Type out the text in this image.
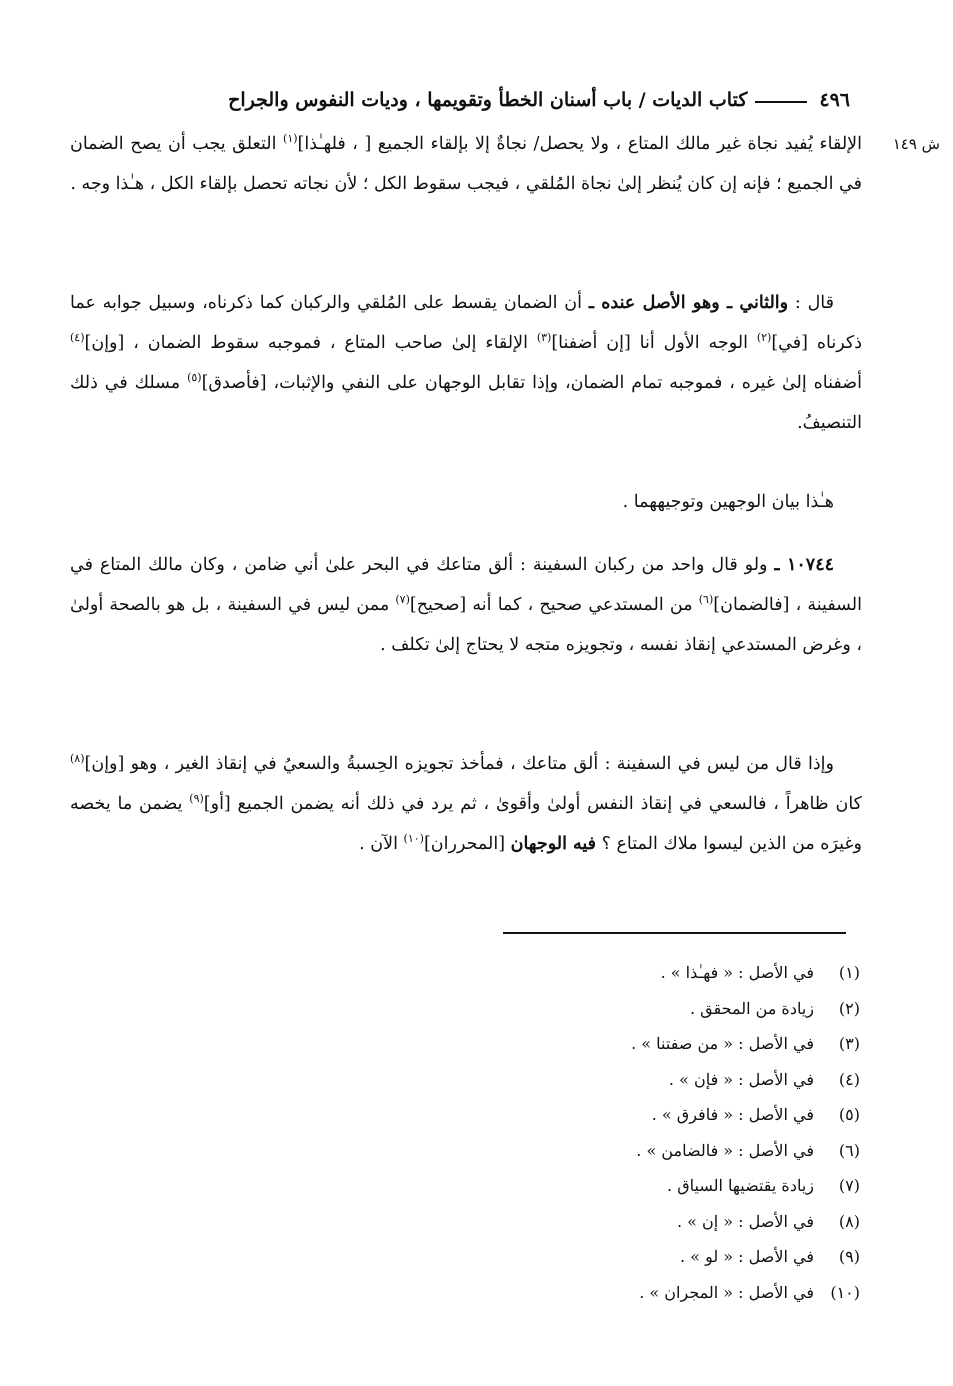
٤٩٦
كتاب الديات / باب أسنان الخطأ وتقويمها ، وديات النفوس والجراح
ش ١٤٩
الإلقاء يُفيد نجاة غير مالك المتاع ، ولا يحصل/ نجاةٌ إلا بإلقاء الجميع [ ، فلهـٰذا]$^{(١)}$ التعلق يجب أن يصح الضمان في الجميع ؛ فإنه إن كان يُنظر إلىٰ نجاة المُلقي ، فيجب سقوط الكل ؛ لأن نجاته تحصل بإلقاء الكل ، هـٰذا وجه .
قال : والثاني ـ وهو الأصل عنده ـ أن الضمان يقسط على المُلقي والركبان كما ذكرناه، وسبيل جوابه عما ذكرناه [في]$^{(٢)}$ الوجه الأول أنا [إن أضفنا]$^{(٣)}$ الإلقاء إلىٰ صاحب المتاع ، فموجبه سقوط الضمان ، [وإن]$^{(٤)}$ أضفناه إلىٰ غيره ، فموجبه تمام الضمان، وإذا تقابل الوجهان على النفي والإثبات، [فأصدق]$^{(٥)}$ مسلك في ذلك التنصيفُ.
هـٰذا بيان الوجهين وتوجيههما .
١٠٧٤٤ ـ ولو قال واحد من ركبان السفينة : ألق متاعك في البحر علىٰ أني ضامن ، وكان مالك المتاع في السفينة ، [فالضمان]$^{(٦)}$ من المستدعي صحيح ، كما أنه [صحيح]$^{(٧)}$ ممن ليس في السفينة ، بل هو بالصحة أولىٰ ، وغرض المستدعي إنقاذ نفسه ، وتجويزه متجه لا يحتاج إلىٰ تكلف .
وإذا قال من ليس في السفينة : ألق متاعك ، فمأخذ تجويزه الحِسبةُ والسعيُ في إنقاذ الغير ، وهو [وإن]$^{(٨)}$ كان ظاهراً ، فالسعي في إنقاذ النفس أولىٰ وأقوىٰ ، ثم يرد في ذلك أنه يضمن الجميع [أو]$^{(٩)}$ يضمن ما يخصه وغيرَه من الذين ليسوا ملاك المتاع ؟ فيه الوجهان [المحرران]$^{(١٠)}$ الآن .
(١)
في الأصل : « فهـٰذا » .
(٢)
زيادة من المحقق .
(٣)
في الأصل : « من صفتنا » .
(٤)
في الأصل : « فإن » .
(٥)
في الأصل : « فافرق » .
(٦)
في الأصل : « فالضامن » .
(٧)
زيادة يقتضيها السياق .
(٨)
في الأصل : « إن » .
(٩)
في الأصل : « لو » .
(١٠)
في الأصل : « المجران » .
